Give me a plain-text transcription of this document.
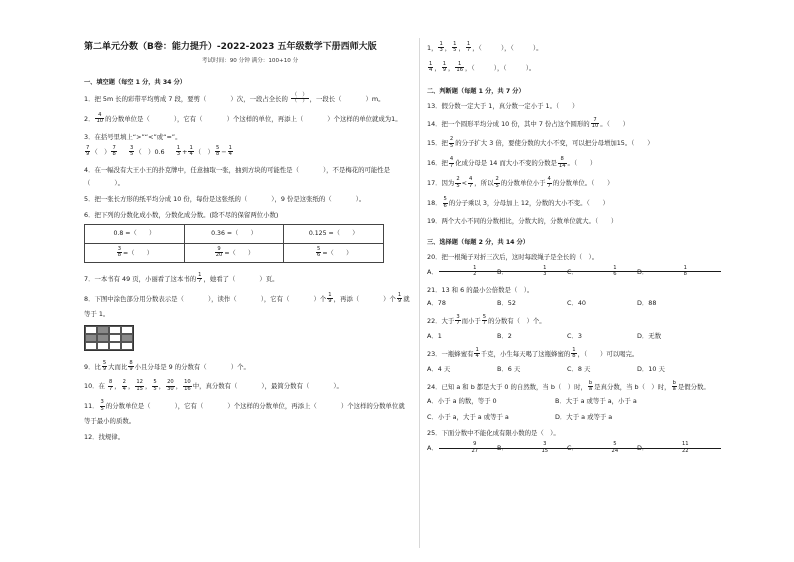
第二单元分数（B卷：能力提升）-2022-2023 五年级数学下册西师大版
考试时间：90 分钟 满分：100+10 分
一、填空题（每空 1 分，共 34 分）
1．把 5m 长的彩带平均剪成 7 段，要剪（	）次，一段占全长的 $\frac{( )}{( )}$ ，一段长（	）m。
2． $\frac{4}{10}$ 的分数单位是（	），它有（	）个这样的单位，再添上（	）个这样的单位就成为1。
3．在括号里填上“>”“<”或“=”。
$\frac{7}{9}$ （　） $\frac{7}{8}$
$\frac{3}{5}$ （　）$0.6 \frac{1}{3} + \frac{1}{4}$ （　） $\frac{5}{8} - \frac{1}{4}$
4．在一幅没有大王小王的扑克牌中，任意抽取一张，抽到方块的可能性是（	），不是梅花的可能性是
（	）。
5．把一张长方形的纸平均分成 10 份，每份是这张纸的（	），9 份是这张纸的（	）。
6．把下列的分数化成小数，分数化成分数。(除不尽的保留两位小数)
0.8 =（　　）	0.36 =（　　）	0.125 =（　　）

$\frac{3}{8}$ =（　　）	$\frac{9}{20}$ =（　　）	$\frac{5}{6}$ =（　　）
7．一本书有 49 页，小丽看了这本书的 $\frac{1}{7}$ ，她看了（	）页。
8．下图中涂色部分用分数表示是（	），读作（	），它有（	）个 $\frac{1}{9}$ ，再添（	）个 $\frac{1}{9}$ 就
等于 1。
9．比 $\frac{5}{9}$ 大而比 $\frac{8}{9}$ 小且分母是 9 的分数有（	）个。
10．在 $\frac{8}{7}$ ， $\frac{2}{4}$ ， $\frac{12}{15}$ ， $\frac{5}{5}$ ， $\frac{20}{30}$ ， $\frac{10}{16}$ 中，真分数有（	），最简分数有（	）。
11． $\frac{3}{5}$ 的分数单位是（	），它有（	）个这样的分数单位，再添上（	）个这样的分数单位就
等于最小的质数。
12．找规律。
1， $\frac{1}{3}$ ， $\frac{1}{5}$ ， $\frac{1}{7}$ ，（　　　），（　　　）。
$\frac{1}{4}$ ， $\frac{1}{9}$ ， $\frac{1}{16}$ ，（　　　），（　　　）。
二、判断题（每题 1 分，共 7 分）
13．假分数一定大于 1，真分数一定小于 1。（　　）
14．把一个圆形平均分成 10 份，其中 7 份占这个圆形的 $\frac{7}{10}$ 。（　　）
15．把 $\frac{2}{5}$ 的分子扩大 3 倍，要使分数的大小不变，可以把分母增加15。（　　）
16．把 $\frac{4}{7}$ 化成分母是 14 而大小不变的分数是 $\frac{8}{14}$ 。（　　）
17．因为 $\frac{2}{5} < \frac{4}{7}$ ，所以 $\frac{2}{5}$ 的分数单位小于 $\frac{4}{7}$ 的分数单位。（　　）
18． $\frac{5}{6}$ 的分子乘以 3，分母加上 12，分数的大小不变。（　　）
19．两个大小不同的分数相比，分数大的，分数单位就大。（　　）
三、选择题（每题 2 分，共 14 分）
20．把一根绳子对折三次后，这时每段绳子是全长的（　）。
A． $\frac{1}{2}$
B． $\frac{1}{3}$
C． $\frac{1}{6}$
D． $\frac{1}{8}$
21．13 和 6 的最小公倍数是（　）。
A．78	B．52	C．40	D．88
22．大于 $\frac{3}{7}$ 而小于 $\frac{5}{7}$ 的分数有（　）个。
A．1	B．2	C．3	D．无数
23．一瓶蜂蜜有 $\frac{1}{4}$ 千克，小生每天喝了这瓶蜂蜜的 $\frac{1}{8}$ ，（　　）可以喝完。
A．4 天	B．6 天	C．8 天	D．10 天
24．已知 a 和 b 都是大于 0 的自然数，当 b（　）时， $\frac{b}{a}$ 是真分数，当 b（　）时， $\frac{b}{a}$ 是假分数。
A．小于 a 的数，等于 0	B．大于 a 或等于 a，小于 a
C．小于 a，大于 a 或等于 a	D．大于 a 或等于 a
25．下面分数中不能化成有限小数的是（　）。
A． $\frac{9}{27}$
B． $\frac{3}{15}$
C． $\frac{5}{24}$
D． $\frac{11}{22}$
